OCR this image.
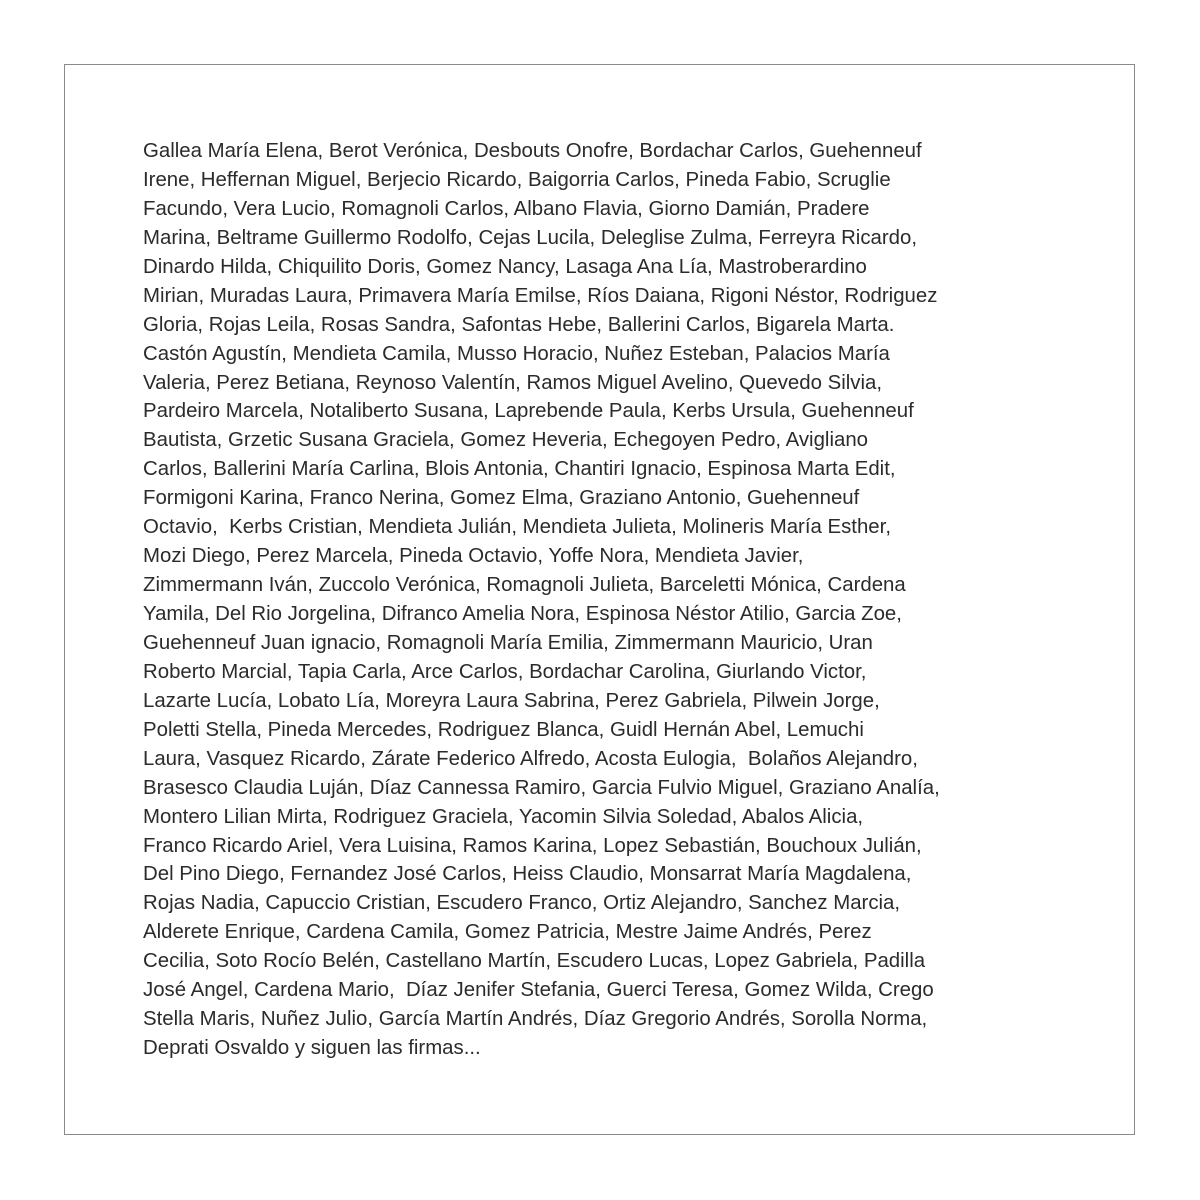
Gallea María Elena, Berot Verónica, Desbouts Onofre, Bordachar Carlos, Guehenneuf
Irene, Heffernan Miguel, Berjecio Ricardo, Baigorria Carlos, Pineda Fabio, Scruglie
Facundo, Vera Lucio, Romagnoli Carlos, Albano Flavia, Giorno Damián, Pradere
Marina, Beltrame Guillermo Rodolfo, Cejas Lucila, Deleglise Zulma, Ferreyra Ricardo,
Dinardo Hilda, Chiquilito Doris, Gomez Nancy, Lasaga Ana Lía, Mastroberardino
Mirian, Muradas Laura, Primavera María Emilse, Ríos Daiana, Rigoni Néstor, Rodriguez
Gloria, Rojas Leila, Rosas Sandra, Safontas Hebe, Ballerini Carlos, Bigarela Marta.
Castón Agustín, Mendieta Camila, Musso Horacio, Nuñez Esteban, Palacios María
Valeria, Perez Betiana, Reynoso Valentín, Ramos Miguel Avelino, Quevedo Silvia,
Pardeiro Marcela, Notaliberto Susana, Laprebende Paula, Kerbs Ursula, Guehenneuf
Bautista, Grzetic Susana Graciela, Gomez Heveria, Echegoyen Pedro, Avigliano
Carlos, Ballerini María Carlina, Blois Antonia, Chantiri Ignacio, Espinosa Marta Edit,
Formigoni Karina, Franco Nerina, Gomez Elma, Graziano Antonio, Guehenneuf
Octavio,  Kerbs Cristian, Mendieta Julián, Mendieta Julieta, Molineris María Esther,
Mozi Diego, Perez Marcela, Pineda Octavio, Yoffe Nora, Mendieta Javier,
Zimmermann Iván, Zuccolo Verónica, Romagnoli Julieta, Barceletti Mónica, Cardena
Yamila, Del Rio Jorgelina, Difranco Amelia Nora, Espinosa Néstor Atilio, Garcia Zoe,
Guehenneuf Juan ignacio, Romagnoli María Emilia, Zimmermann Mauricio, Uran
Roberto Marcial, Tapia Carla, Arce Carlos, Bordachar Carolina, Giurlando Victor,
Lazarte Lucía, Lobato Lía, Moreyra Laura Sabrina, Perez Gabriela, Pilwein Jorge,
Poletti Stella, Pineda Mercedes, Rodriguez Blanca, Guidl Hernán Abel, Lemuchi
Laura, Vasquez Ricardo, Zárate Federico Alfredo, Acosta Eulogia,  Bolaños Alejandro,
Brasesco Claudia Luján, Díaz Cannessa Ramiro, Garcia Fulvio Miguel, Graziano Analía,
Montero Lilian Mirta, Rodriguez Graciela, Yacomin Silvia Soledad, Abalos Alicia,
Franco Ricardo Ariel, Vera Luisina, Ramos Karina, Lopez Sebastián, Bouchoux Julián,
Del Pino Diego, Fernandez José Carlos, Heiss Claudio, Monsarrat María Magdalena,
Rojas Nadia, Capuccio Cristian, Escudero Franco, Ortiz Alejandro, Sanchez Marcia,
Alderete Enrique, Cardena Camila, Gomez Patricia, Mestre Jaime Andrés, Perez
Cecilia, Soto Rocío Belén, Castellano Martín, Escudero Lucas, Lopez Gabriela, Padilla
José Angel, Cardena Mario,  Díaz Jenifer Stefania, Guerci Teresa, Gomez Wilda, Crego
Stella Maris, Nuñez Julio, García Martín Andrés, Díaz Gregorio Andrés, Sorolla Norma,
Deprati Osvaldo y siguen las firmas...
